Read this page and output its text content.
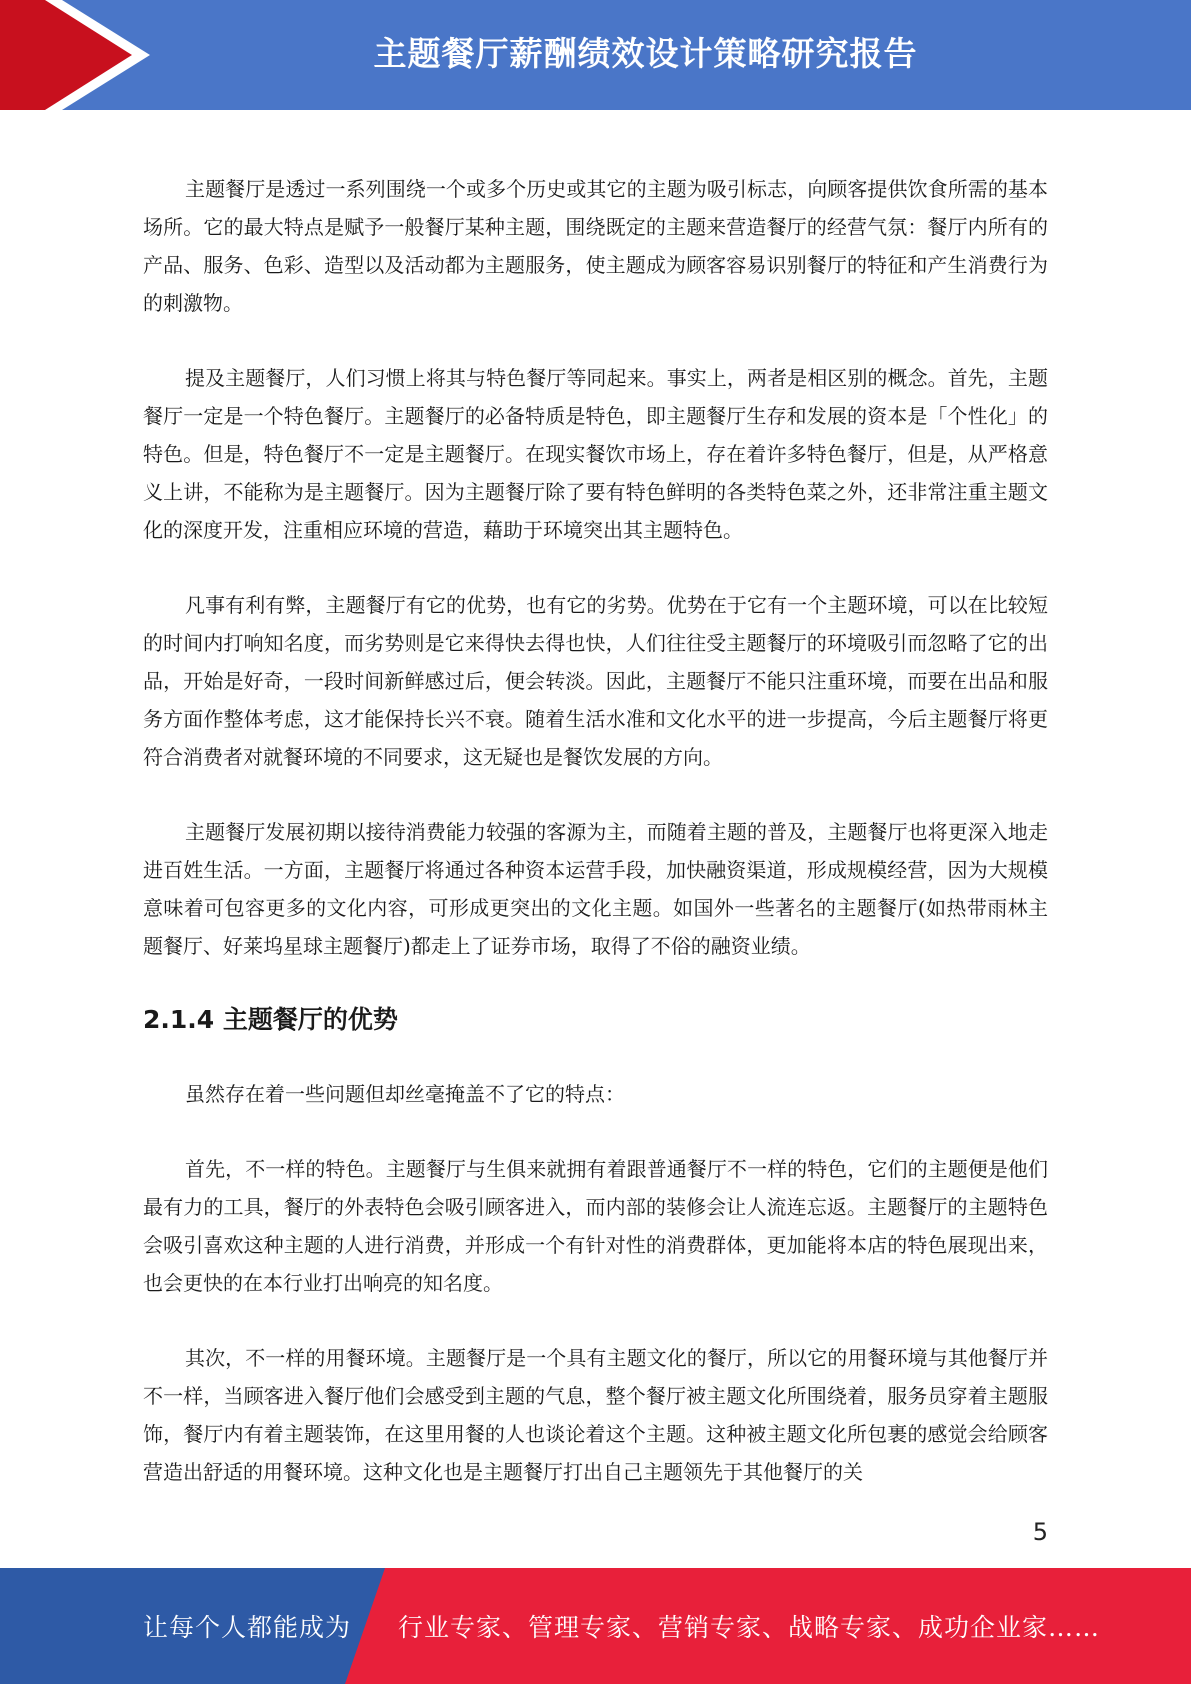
主题餐厅薪酬绩效设计策略研究报告

主题餐厅是透过一系列围绕一个或多个历史或其它的主题为吸引标志，向顾客提供饮食所需的基本场所。它的最大特点是赋予一般餐厅某种主题，围绕既定的主题来营造餐厅的经营气氛：餐厅内所有的产品、服务、色彩、造型以及活动都为主题服务，使主题成为顾客容易识别餐厅的特征和产生消费行为的刺激物。

提及主题餐厅，人们习惯上将其与特色餐厅等同起来。事实上，两者是相区别的概念。首先，主题餐厅一定是一个特色餐厅。主题餐厅的必备特质是特色，即主题餐厅生存和发展的资本是「个性化」的特色。但是，特色餐厅不一定是主题餐厅。在现实餐饮市场上，存在着许多特色餐厅，但是，从严格意义上讲，不能称为是主题餐厅。因为主题餐厅除了要有特色鲜明的各类特色菜之外，还非常注重主题文化的深度开发，注重相应环境的营造，藉助于环境突出其主题特色。

凡事有利有弊，主题餐厅有它的优势，也有它的劣势。优势在于它有一个主题环境，可以在比较短的时间内打响知名度，而劣势则是它来得快去得也快，人们往往受主题餐厅的环境吸引而忽略了它的出品，开始是好奇，一段时间新鲜感过后，便会转淡。因此，主题餐厅不能只注重环境，而要在出品和服务方面作整体考虑，这才能保持长兴不衰。随着生活水准和文化水平的进一步提高，今后主题餐厅将更符合消费者对就餐环境的不同要求，这无疑也是餐饮发展的方向。

主题餐厅发展初期以接待消费能力较强的客源为主，而随着主题的普及，主题餐厅也将更深入地走进百姓生活。一方面，主题餐厅将通过各种资本运营手段，加快融资渠道，形成规模经营，因为大规模意味着可包容更多的文化内容，可形成更突出的文化主题。如国外一些著名的主题餐厅(如热带雨林主题餐厅、好莱坞星球主题餐厅)都走上了证券市场，取得了不俗的融资业绩。

2.1.4 主题餐厅的优势

虽然存在着一些问题但却丝毫掩盖不了它的特点：

首先，不一样的特色。主题餐厅与生俱来就拥有着跟普通餐厅不一样的特色，它们的主题便是他们最有力的工具，餐厅的外表特色会吸引顾客进入，而内部的装修会让人流连忘返。主题餐厅的主题特色会吸引喜欢这种主题的人进行消费，并形成一个有针对性的消费群体，更加能将本店的特色展现出来，也会更快的在本行业打出响亮的知名度。

其次，不一样的用餐环境。主题餐厅是一个具有主题文化的餐厅，所以它的用餐环境与其他餐厅并不一样，当顾客进入餐厅他们会感受到主题的气息，整个餐厅被主题文化所围绕着，服务员穿着主题服饰，餐厅内有着主题装饰，在这里用餐的人也谈论着这个主题。这种被主题文化所包裹的感觉会给顾客营造出舒适的用餐环境。这种文化也是主题餐厅打出自己主题领先于其他餐厅的关

5
让每个人都能成为 行业专家、管理专家、营销专家、战略专家、成功企业家……
